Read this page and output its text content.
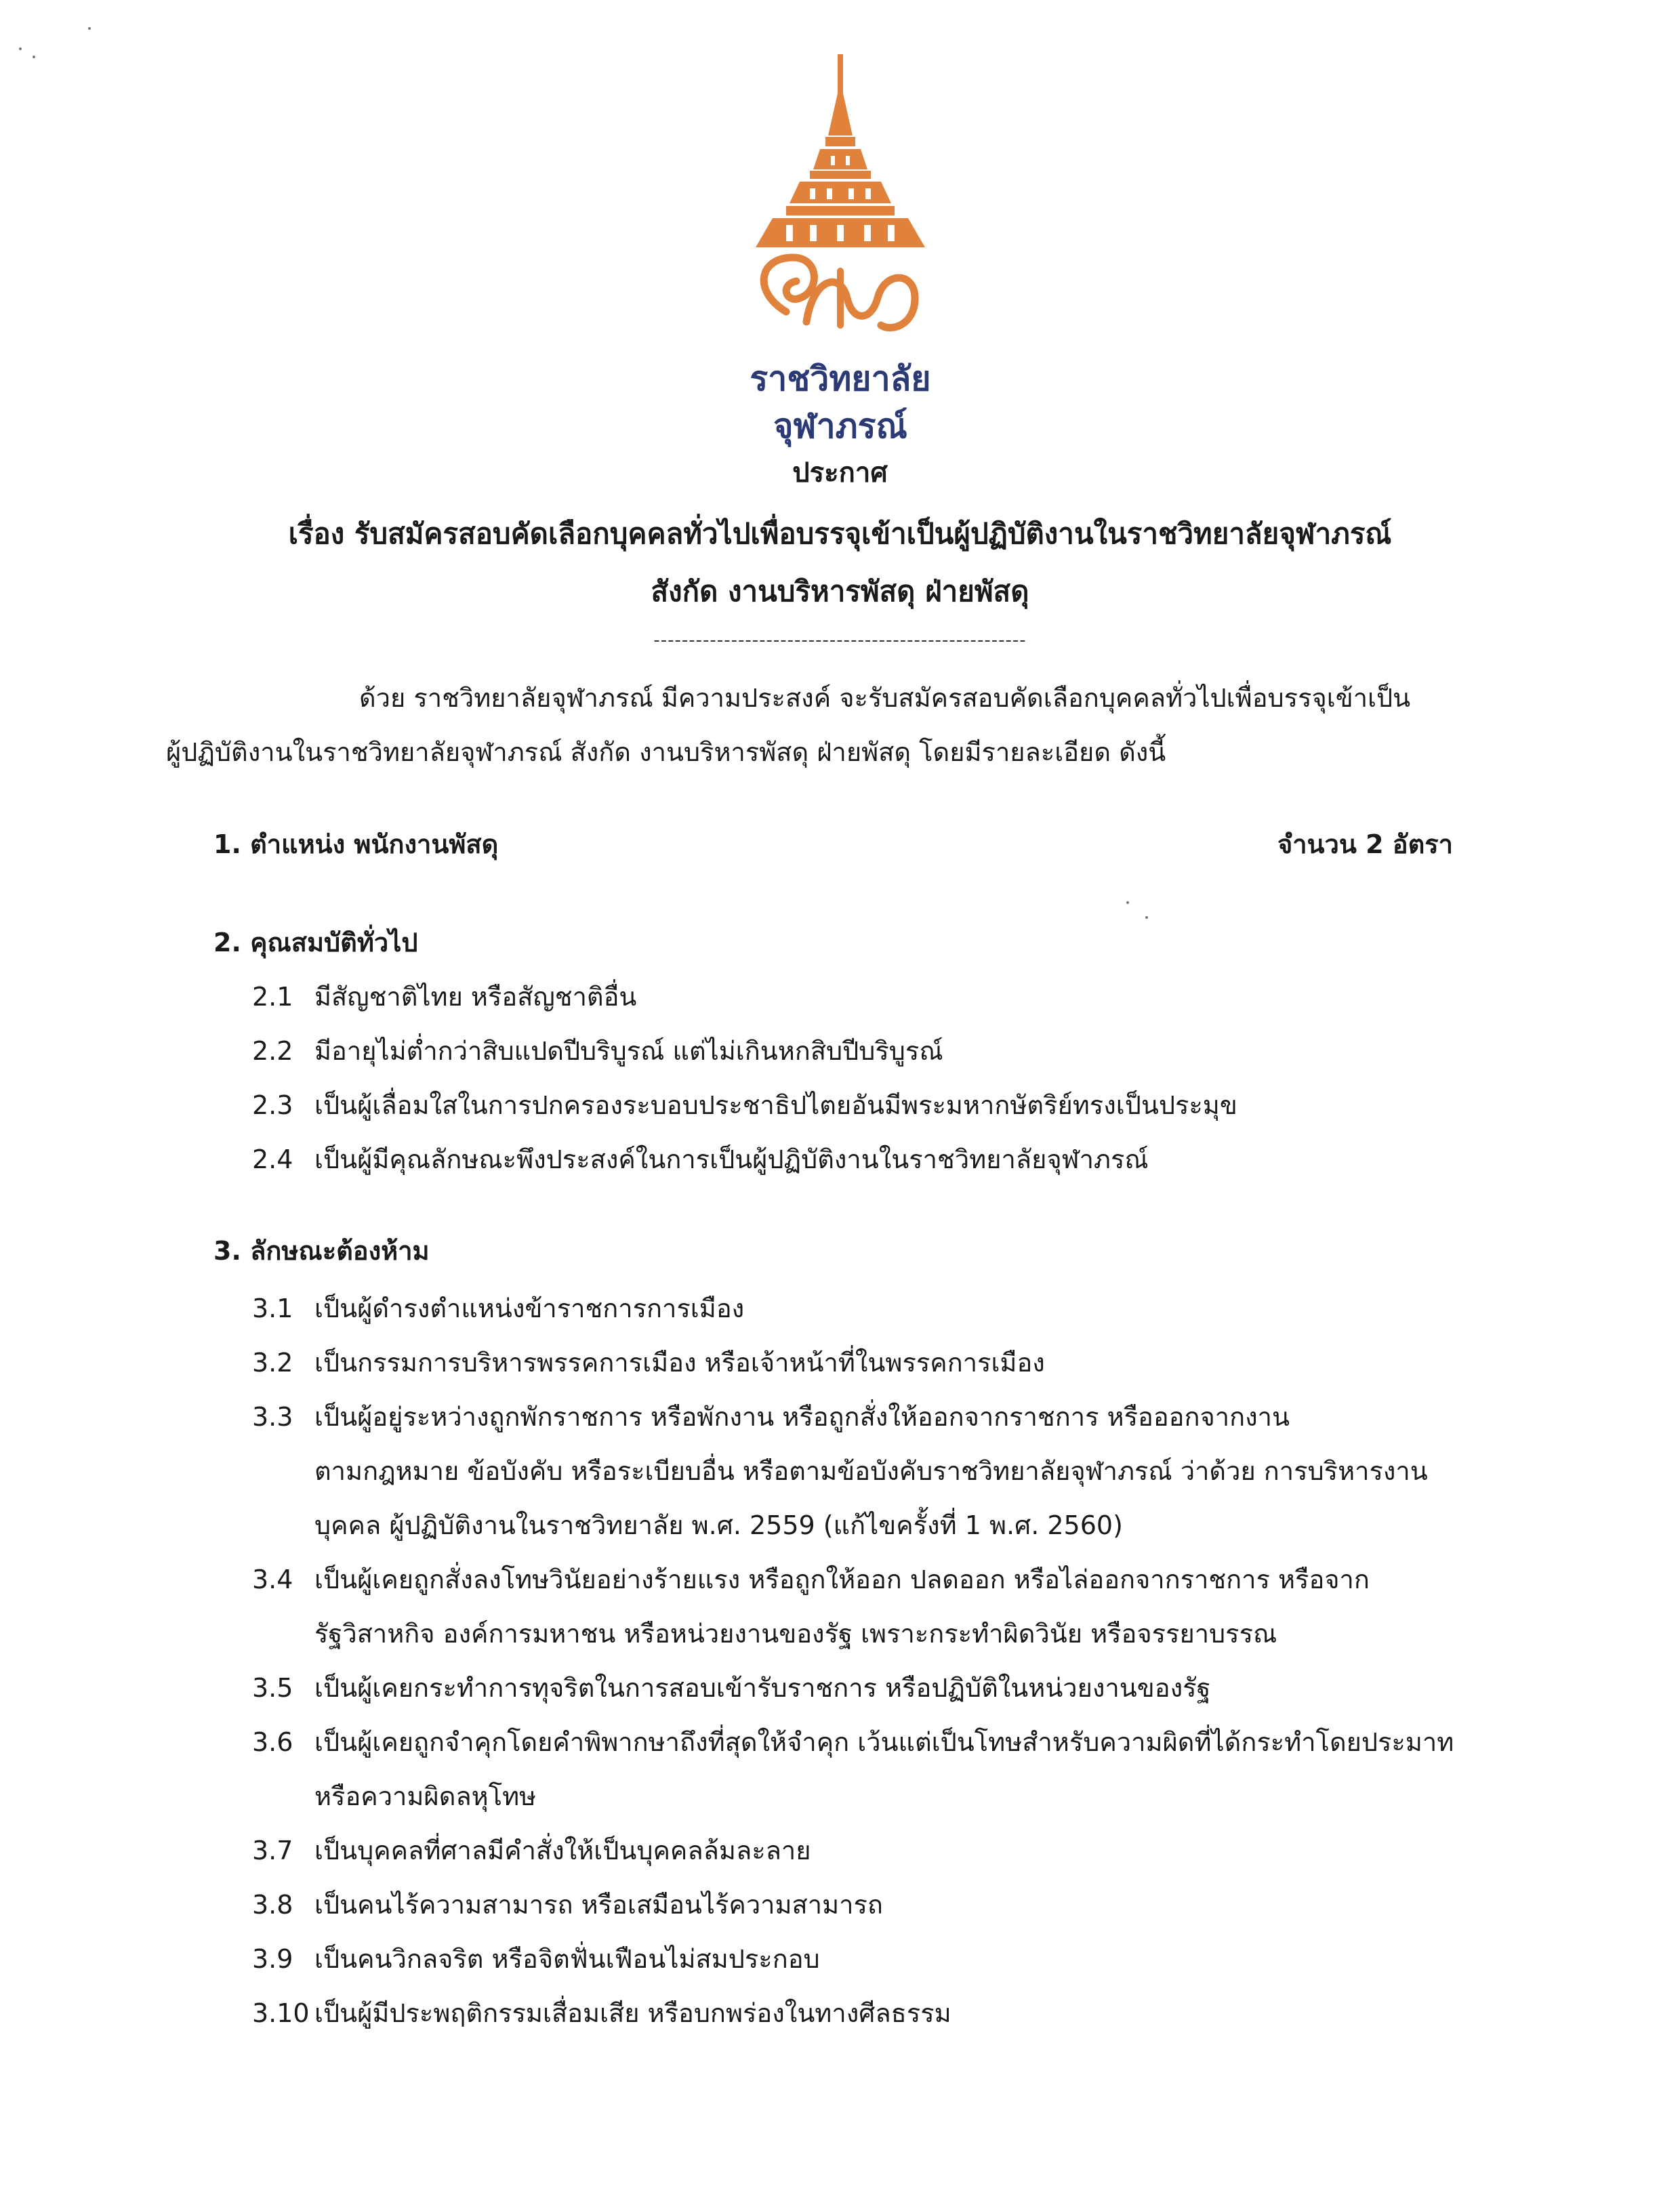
ราชวิทยาลัย
จุฬาภรณ์
ประกาศ
เรื่อง รับสมัครสอบคัดเลือกบุคคลทั่วไปเพื่อบรรจุเข้าเป็นผู้ปฏิบัติงานในราชวิทยาลัยจุฬาภรณ์
สังกัด งานบริหารพัสดุ ฝ่ายพัสดุ
-----------------------------------------------------
ด้วย ราชวิทยาลัยจุฬาภรณ์ มีความประสงค์ จะรับสมัครสอบคัดเลือกบุคคลทั่วไปเพื่อบรรจุเข้าเป็น
ผู้ปฏิบัติงานในราชวิทยาลัยจุฬาภรณ์ สังกัด งานบริหารพัสดุ ฝ่ายพัสดุ โดยมีรายละเอียด ดังนี้
1. ตำแหน่ง พนักงานพัสดุ	จำนวน 2 อัตรา
2. คุณสมบัติทั่วไป
2.1 มีสัญชาติไทย หรือสัญชาติอื่น
2.2 มีอายุไม่ต่ำกว่าสิบแปดปีบริบูรณ์ แต่ไม่เกินหกสิบปีบริบูรณ์
2.3 เป็นผู้เลื่อมใสในการปกครองระบอบประชาธิปไตยอันมีพระมหากษัตริย์ทรงเป็นประมุข
2.4 เป็นผู้มีคุณลักษณะพึงประสงค์ในการเป็นผู้ปฏิบัติงานในราชวิทยาลัยจุฬาภรณ์
3. ลักษณะต้องห้าม
3.1 เป็นผู้ดำรงตำแหน่งข้าราชการการเมือง
3.2 เป็นกรรมการบริหารพรรคการเมือง หรือเจ้าหน้าที่ในพรรคการเมือง
3.3 เป็นผู้อยู่ระหว่างถูกพักราชการ หรือพักงาน หรือถูกสั่งให้ออกจากราชการ หรือออกจากงาน
ตามกฎหมาย ข้อบังคับ หรือระเบียบอื่น หรือตามข้อบังคับราชวิทยาลัยจุฬาภรณ์ ว่าด้วย การบริหารงาน
บุคคล ผู้ปฏิบัติงานในราชวิทยาลัย พ.ศ. 2559 (แก้ไขครั้งที่ 1 พ.ศ. 2560)
3.4 เป็นผู้เคยถูกสั่งลงโทษวินัยอย่างร้ายแรง หรือถูกให้ออก ปลดออก หรือไล่ออกจากราชการ หรือจาก
รัฐวิสาหกิจ องค์การมหาชน หรือหน่วยงานของรัฐ เพราะกระทำผิดวินัย หรือจรรยาบรรณ
3.5 เป็นผู้เคยกระทำการทุจริตในการสอบเข้ารับราชการ หรือปฏิบัติในหน่วยงานของรัฐ
3.6 เป็นผู้เคยถูกจำคุกโดยคำพิพากษาถึงที่สุดให้จำคุก เว้นแต่เป็นโทษสำหรับความผิดที่ได้กระทำโดยประมาท
หรือความผิดลหุโทษ
3.7 เป็นบุคคลที่ศาลมีคำสั่งให้เป็นบุคคลล้มละลาย
3.8 เป็นคนไร้ความสามารถ หรือเสมือนไร้ความสามารถ
3.9 เป็นคนวิกลจริต หรือจิตฟั่นเฟือนไม่สมประกอบ
3.10 เป็นผู้มีประพฤติกรรมเสื่อมเสีย หรือบกพร่องในทางศีลธรรม
